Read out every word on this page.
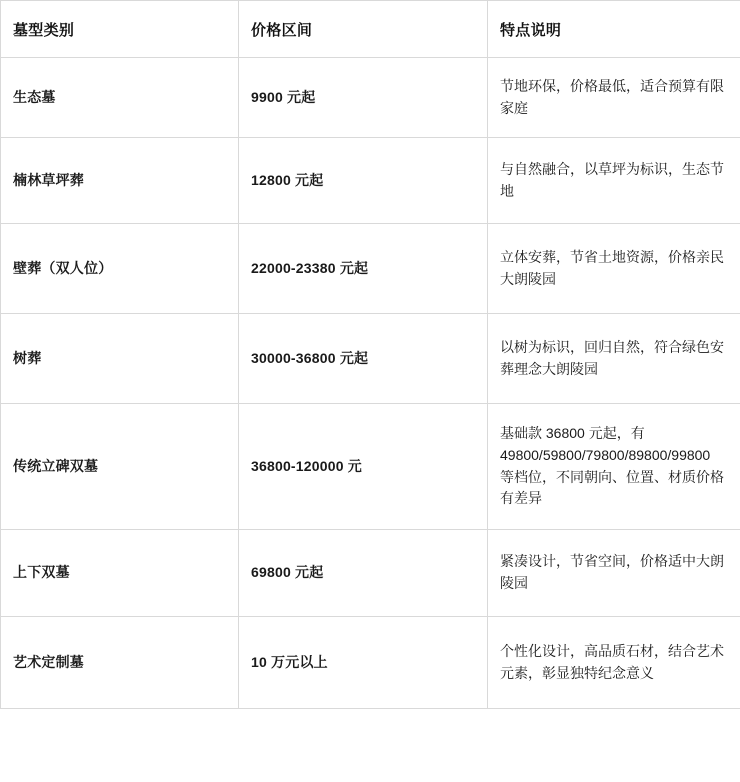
墓型类别	价格区间	特点说明
生态墓	9900 元起	节地环保，价格最低，适合预算有限家庭
楠林草坪葬	12800 元起	与自然融合，以草坪为标识，生态节地
壁葬（双人位）	22000-23380 元起	立体安葬，节省土地资源，价格亲民大朗陵园
树葬	30000-36800 元起	以树为标识，回归自然，符合绿色安葬理念大朗陵园
传统立碑双墓	36800-120000 元	基础款 36800 元起，有 49800/59800/79800/89800/99800 等档位，不同朝向、位置、材质价格有差异
上下双墓	69800 元起	紧凑设计，节省空间，价格适中大朗陵园
艺术定制墓	10 万元以上	个性化设计，高品质石材，结合艺术元素，彰显独特纪念意义
